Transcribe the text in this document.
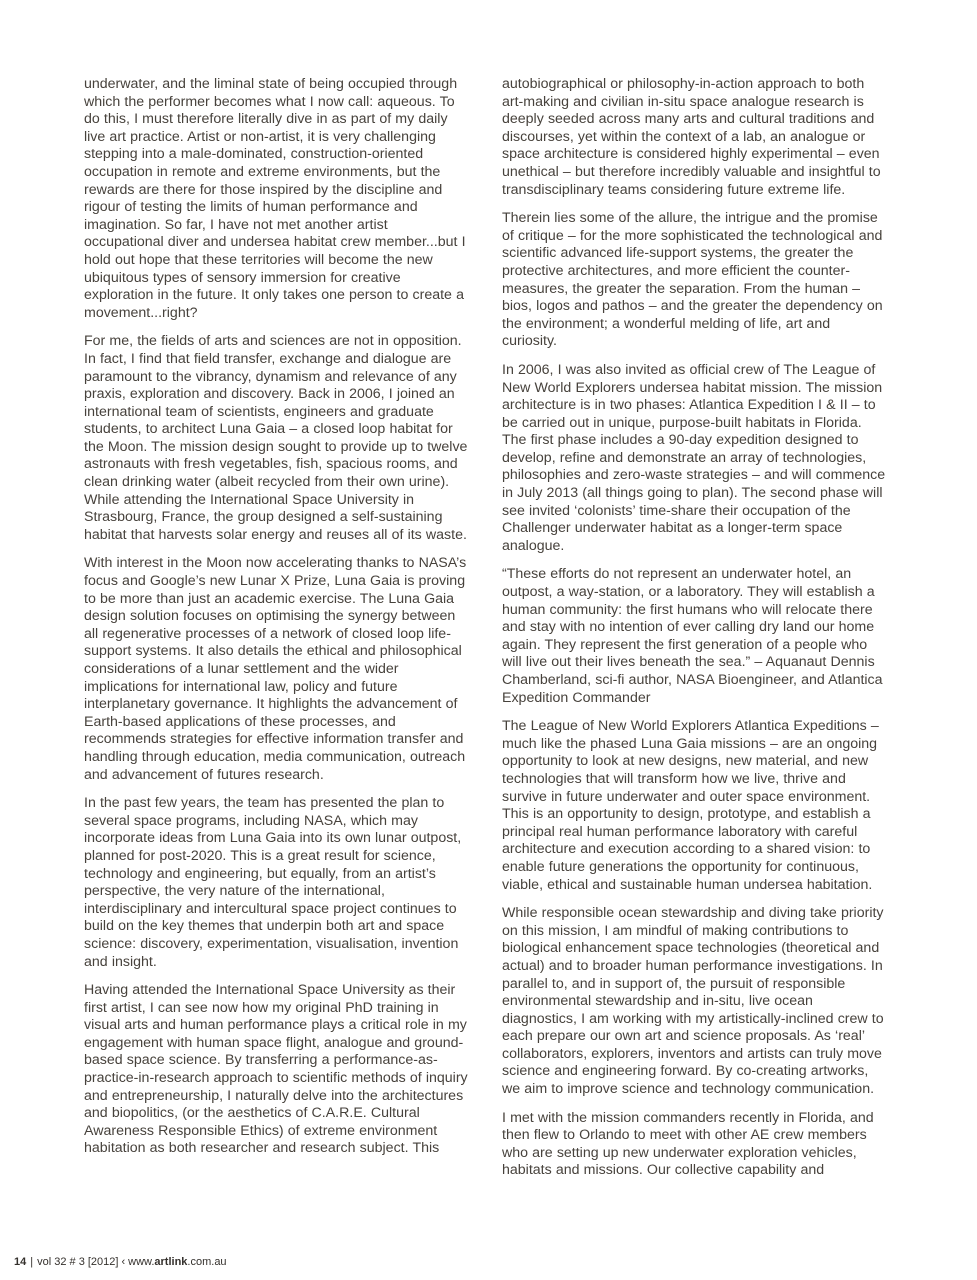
underwater, and the liminal state of being occupied through which the performer becomes what I now call: aqueous. To do this, I must therefore literally dive in as part of my daily live art practice. Artist or non-artist, it is very challenging stepping into a male-dominated, construction-oriented occupation in remote and extreme environments, but the rewards are there for those inspired by the discipline and rigour of testing the limits of human performance and imagination. So far, I have not met another artist occupational diver and undersea habitat crew member...but I hold out hope that these territories will become the new ubiquitous types of sensory immersion for creative exploration in the future. It only takes one person to create a movement...right?

For me, the fields of arts and sciences are not in opposition. In fact, I find that field transfer, exchange and dialogue are paramount to the vibrancy, dynamism and relevance of any praxis, exploration and discovery. Back in 2006, I joined an international team of scientists, engineers and graduate students, to architect Luna Gaia – a closed loop habitat for the Moon. The mission design sought to provide up to twelve astronauts with fresh vegetables, fish, spacious rooms, and clean drinking water (albeit recycled from their own urine). While attending the International Space University in Strasbourg, France, the group designed a self-sustaining habitat that harvests solar energy and reuses all of its waste.

With interest in the Moon now accelerating thanks to NASA’s focus and Google’s new Lunar X Prize, Luna Gaia is proving to be more than just an academic exercise. The Luna Gaia design solution focuses on optimising the synergy between all regenerative processes of a network of closed loop life-support systems. It also details the ethical and philosophical considerations of a lunar settlement and the wider implications for international law, policy and future interplanetary governance. It highlights the advancement of Earth-based applications of these processes, and recommends strategies for effective information transfer and handling through education, media communication, outreach and advancement of futures research.

In the past few years, the team has presented the plan to several space programs, including NASA, which may incorporate ideas from Luna Gaia into its own lunar outpost, planned for post-2020. This is a great result for science, technology and engineering, but equally, from an artist’s perspective, the very nature of the international, interdisciplinary and intercultural space project continues to build on the key themes that underpin both art and space science: discovery, experimentation, visualisation, invention and insight.

Having attended the International Space University as their first artist, I can see now how my original PhD training in visual arts and human performance plays a critical role in my engagement with human space flight, analogue and ground-based space science. By transferring a performance-as-practice-in-research approach to scientific methods of inquiry and entrepreneurship, I naturally delve into the architectures and biopolitics, (or the aesthetics of C.A.R.E. Cultural Awareness Responsible Ethics) of extreme environment habitation as both researcher and research subject. This

autobiographical or philosophy-in-action approach to both art-making and civilian in-situ space analogue research is deeply seeded across many arts and cultural traditions and discourses, yet within the context of a lab, an analogue or space architecture is considered highly experimental – even unethical – but therefore incredibly valuable and insightful to transdisciplinary teams considering future extreme life.

Therein lies some of the allure, the intrigue and the promise of critique – for the more sophisticated the technological and scientific advanced life-support systems, the greater the protective architectures, and more efficient the counter-measures, the greater the separation. From the human – bios, logos and pathos – and the greater the dependency on the environment; a wonderful melding of life, art and curiosity.

In 2006, I was also invited as official crew of The League of New World Explorers undersea habitat mission. The mission architecture is in two phases: Atlantica Expedition I & II – to be carried out in unique, purpose-built habitats in Florida. The first phase includes a 90-day expedition designed to develop, refine and demonstrate an array of technologies, philosophies and zero-waste strategies – and will commence in July 2013 (all things going to plan). The second phase will see invited ‘colonists’ time-share their occupation of the Challenger underwater habitat as a longer-term space analogue.

“These efforts do not represent an underwater hotel, an outpost, a way-station, or a laboratory. They will establish a human community: the first humans who will relocate there and stay with no intention of ever calling dry land our home again. They represent the first generation of a people who will live out their lives beneath the sea.” – Aquanaut Dennis Chamberland, sci-fi author, NASA Bioengineer, and Atlantica Expedition Commander

The League of New World Explorers Atlantica Expeditions – much like the phased Luna Gaia missions – are an ongoing opportunity to look at new designs, new material, and new technologies that will transform how we live, thrive and survive in future underwater and outer space environment. This is an opportunity to design, prototype, and establish a principal real human performance laboratory with careful architecture and execution according to a shared vision: to enable future generations the opportunity for continuous, viable, ethical and sustainable human undersea habitation.

While responsible ocean stewardship and diving take priority on this mission, I am mindful of making contributions to biological enhancement space technologies (theoretical and actual) and to broader human performance investigations. In parallel to, and in support of, the pursuit of responsible environmental stewardship and in-situ, live ocean diagnostics, I am working with my artistically-inclined crew to each prepare our own art and science proposals. As ‘real’ collaborators, explorers, inventors and artists can truly move science and engineering forward. By co-creating artworks, we aim to improve science and technology communication.

I met with the mission commanders recently in Florida, and then flew to Orlando to meet with other AE crew members who are setting up new underwater exploration vehicles, habitats and missions. Our collective capability and

14 | vol 32 # 3 [2012] ‹ www.artlink.com.au
